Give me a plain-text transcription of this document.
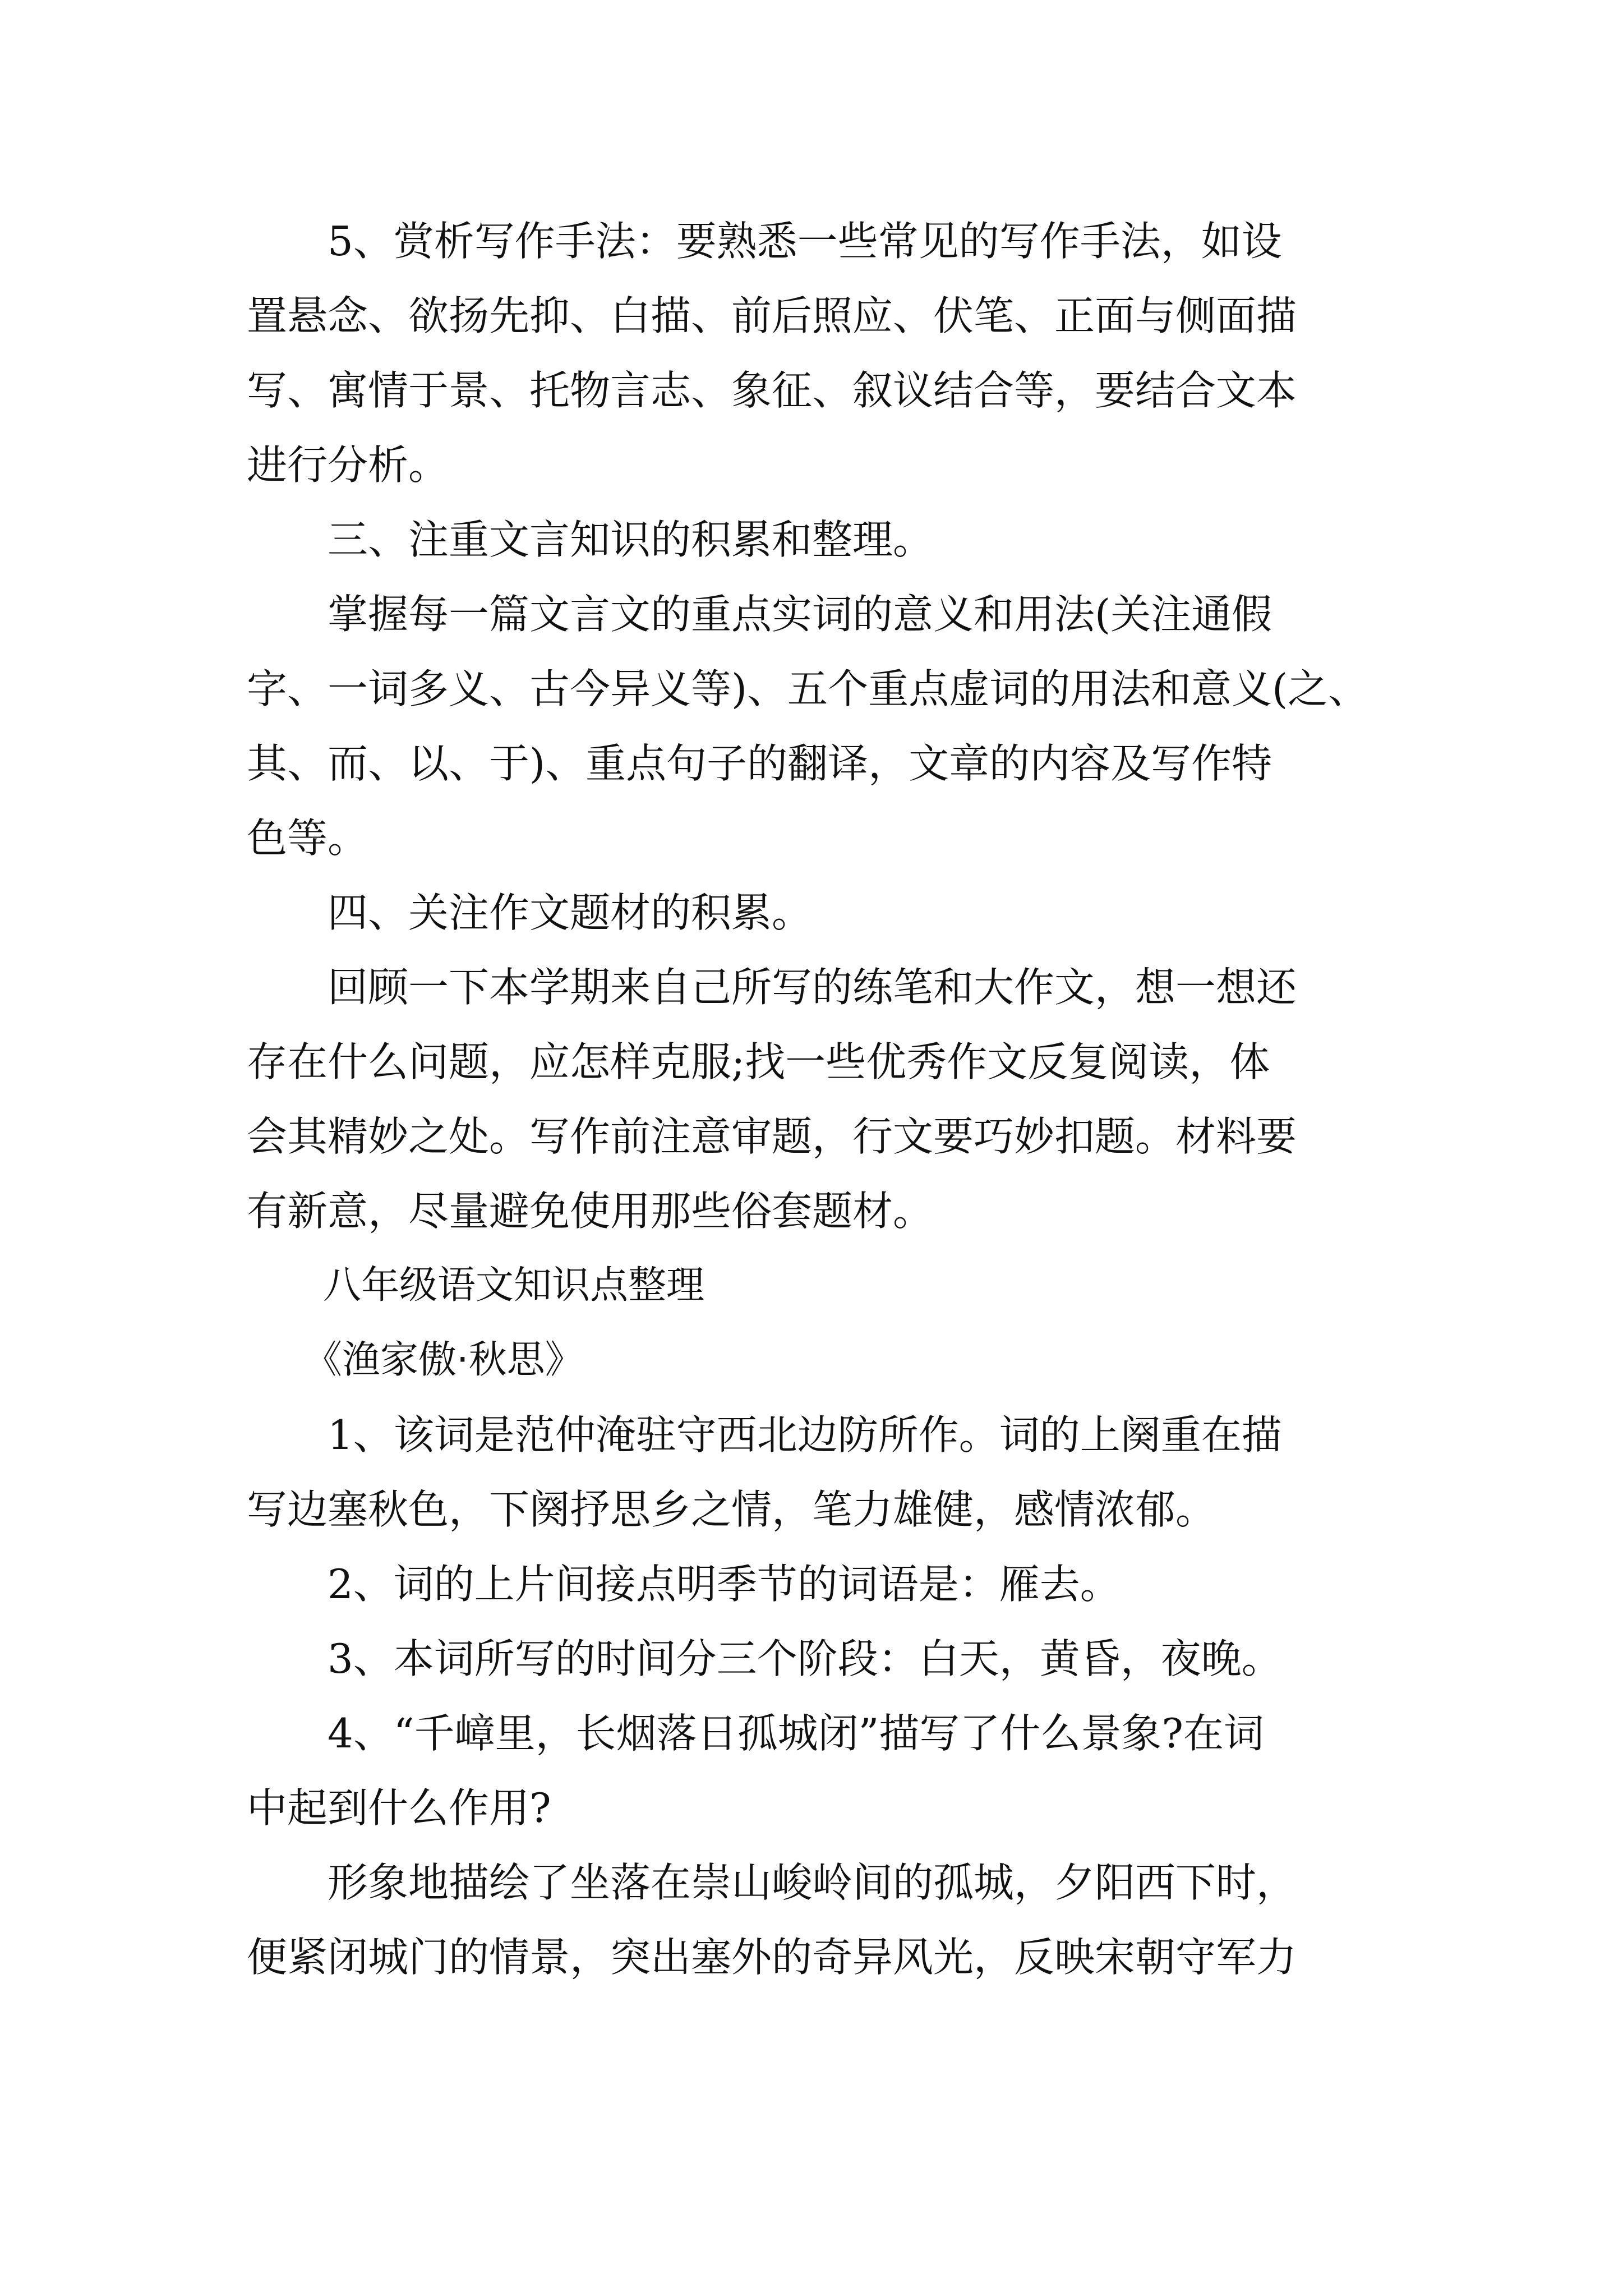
　　5、赏析写作手法：要熟悉一些常见的写作手法，如设

置悬念、欲扬先抑、白描、前后照应、伏笔、正面与侧面描

写、寓情于景、托物言志、象征、叙议结合等，要结合文本

进行分析。

　　三、注重文言知识的积累和整理。

　　掌握每一篇文言文的重点实词的意义和用法(关注通假

字、一词多义、古今异义等)、五个重点虚词的用法和意义(之、

其、而、以、于)、重点句子的翻译，文章的内容及写作特

色等。

　　四、关注作文题材的积累。

　　回顾一下本学期来自己所写的练笔和大作文，想一想还

存在什么问题，应怎样克服;找一些优秀作文反复阅读，体

会其精妙之处。写作前注意审题，行文要巧妙扣题。材料要

有新意，尽量避免使用那些俗套题材。

　　八年级语文知识点整理

　　《渔家傲·秋思》

　　1、该词是范仲淹驻守西北边防所作。词的上阕重在描

写边塞秋色，下阕抒思乡之情，笔力雄健，感情浓郁。

　　2、词的上片间接点明季节的词语是：雁去。

　　3、本词所写的时间分三个阶段：白天，黄昏，夜晚。

　　4、“千嶂里，长烟落日孤城闭”描写了什么景象?在词

中起到什么作用?

　　形象地描绘了坐落在崇山峻岭间的孤城，夕阳西下时，

便紧闭城门的情景，突出塞外的奇异风光，反映宋朝守军力
